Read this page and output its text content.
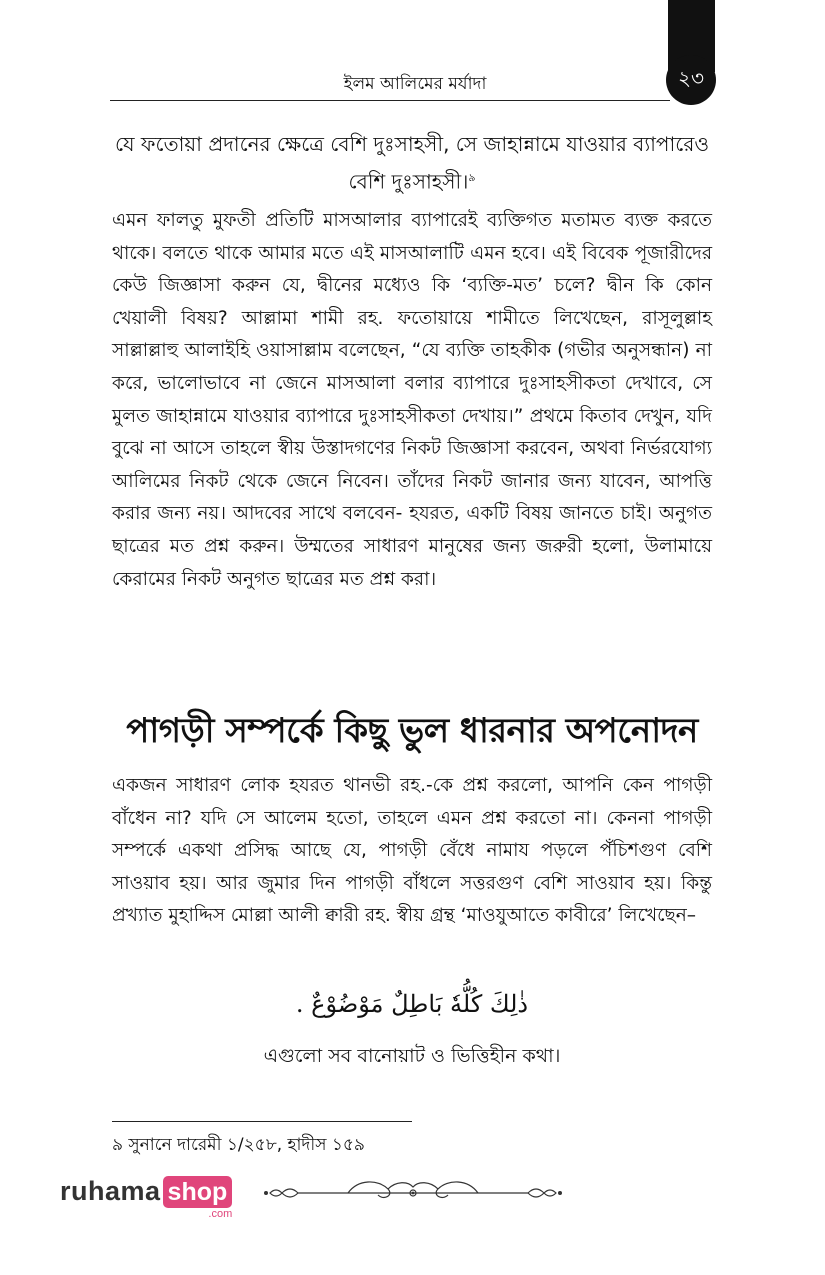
২৩
ইলম আলিমের মর্যাদা
যে ফতোয়া প্রদানের ক্ষেত্রে বেশি দুঃসাহসী, সে জাহান্নামে যাওয়ার ব্যাপারেও বেশি দুঃসাহসী।$^৯$
এমন ফালতু মুফতী প্রতিটি মাসআলার ব্যাপারেই ব্যক্তিগত মতামত ব্যক্ত করতে থাকে। বলতে থাকে আমার মতে এই মাসআলাটি এমন হবে। এই বিবেক পূজারীদের কেউ জিজ্ঞাসা করুন যে, দ্বীনের মধ্যেও কি ‘ব্যক্তি-মত’ চলে? দ্বীন কি কোন খেয়ালী বিষয়? আল্লামা শামী রহ. ফতোয়ায়ে শামীতে লিখেছেন, রাসূলুল্লাহ সাল্লাল্লাহু আলাইহি ওয়াসাল্লাম বলেছেন, “যে ব্যক্তি তাহকীক (গভীর অনুসন্ধান) না করে, ভালোভাবে না জেনে মাসআলা বলার ব্যাপারে দুঃসাহসীকতা দেখাবে, সে মুলত জাহান্নামে যাওয়ার ব্যাপারে দুঃসাহসীকতা দেখায়।” প্রথমে কিতাব দেখুন, যদি বুঝে না আসে তাহলে স্বীয় উস্তাদগণের নিকট জিজ্ঞাসা করবেন, অথবা নির্ভরযোগ্য আলিমের নিকট থেকে জেনে নিবেন। তাঁদের নিকট জানার জন্য যাবেন, আপত্তি করার জন্য নয়। আদবের সাথে বলবেন- হযরত, একটি বিষয় জানতে চাই। অনুগত ছাত্রের মত প্রশ্ন করুন। উম্মতের সাধারণ মানুষের জন্য জরুরী হলো, উলামায়ে কেরামের নিকট অনুগত ছাত্রের মত প্রশ্ন করা।
পাগড়ী সম্পর্কে কিছু ভুল ধারনার অপনোদন
একজন সাধারণ লোক হযরত থানভী রহ.-কে প্রশ্ন করলো, আপনি কেন পাগড়ী বাঁধেন না? যদি সে আলেম হতো, তাহলে এমন প্রশ্ন করতো না। কেননা পাগড়ী সম্পর্কে একথা প্রসিদ্ধ আছে যে, পাগড়ী বেঁধে নামায পড়লে পঁচিশগুণ বেশি সাওয়াব হয়। আর জুমার দিন পাগড়ী বাঁধলে সত্তরগুণ বেশি সাওয়াব হয়। কিন্তু প্রখ্যাত মুহাদ্দিস মোল্লা আলী ক্বারী রহ. স্বীয় গ্রন্থ ‘মাওযুআতে কাবীরে’ লিখেছেন–
ذٰلِكَ كُلُّهٗ بَاطِلٌ مَوْضُوْعٌ .
এগুলো সব বানোয়াট ও ভিত্তিহীন কথা।
৯ সুনানে দারেমী ১/২৫৮, হাদীস ১৫৯
ruhama shop
.com
